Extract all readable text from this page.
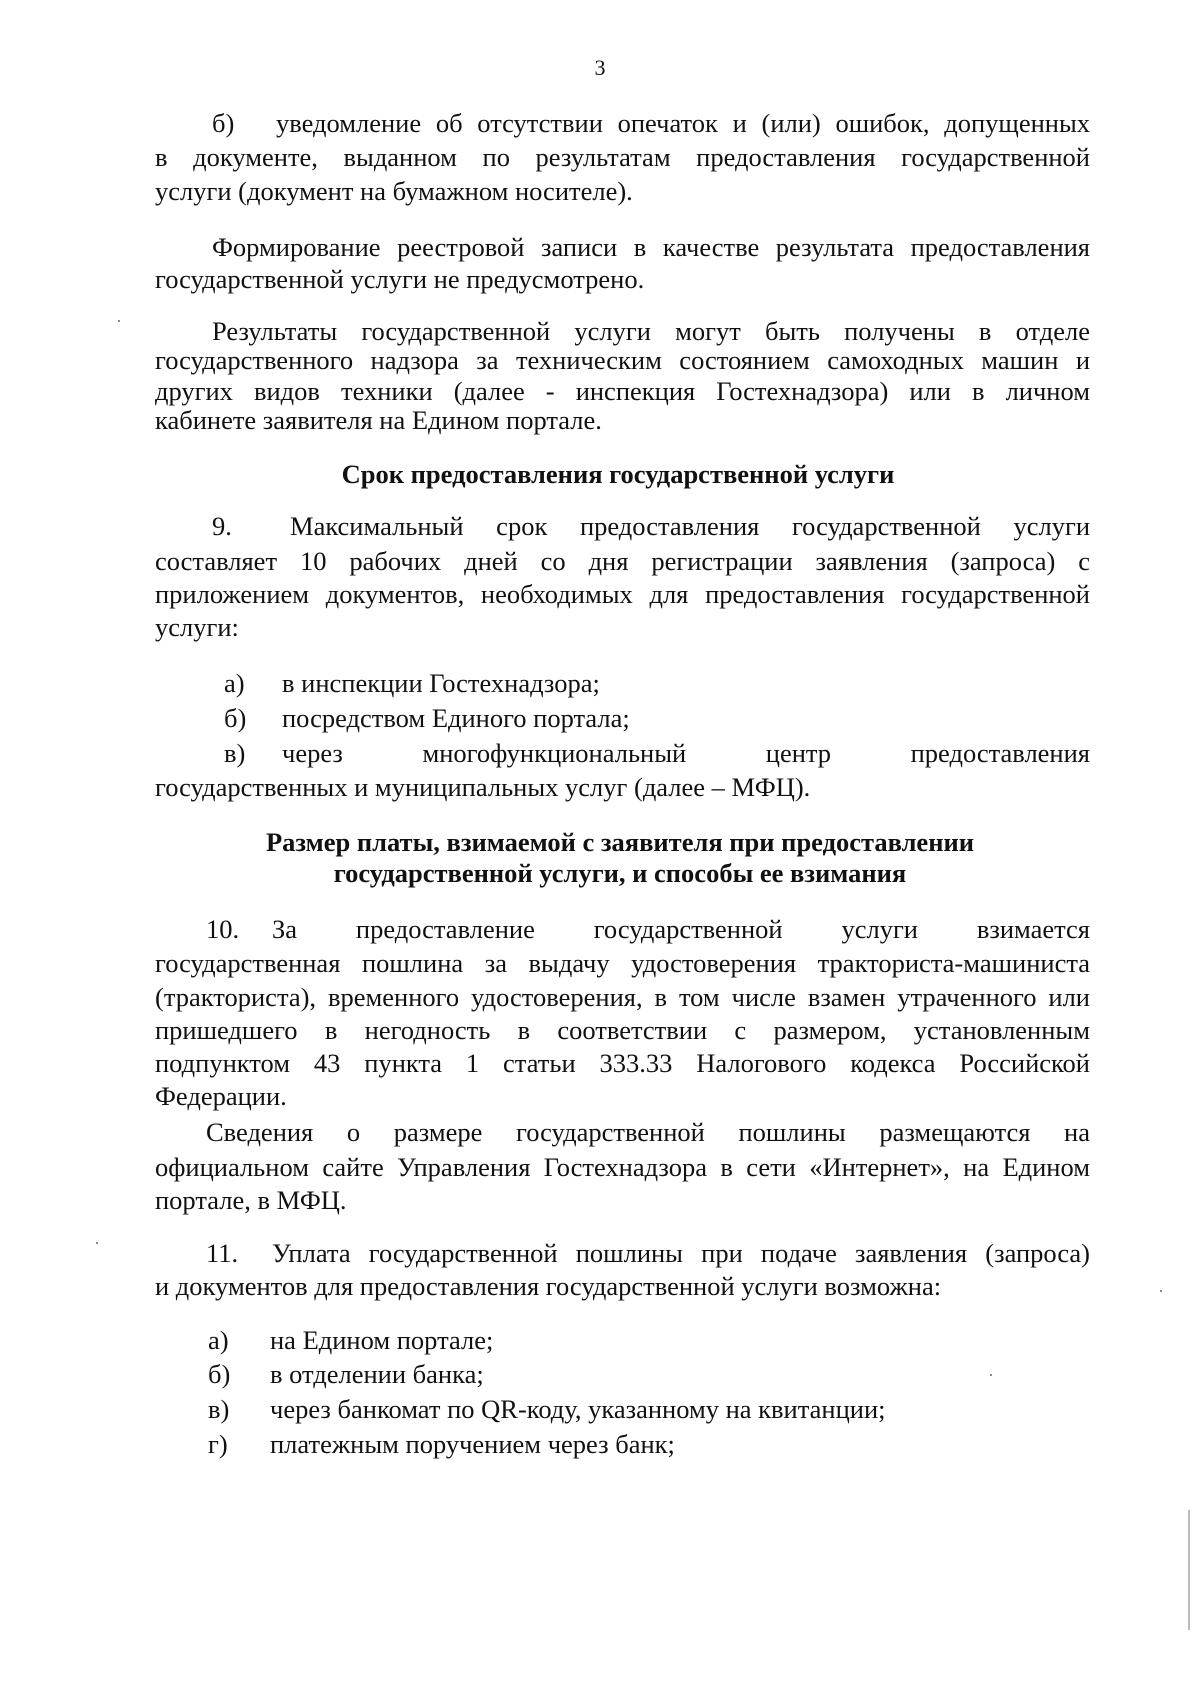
3
б) уведомление об отсутствии опечаток и (или) ошибок, допущенных
в документе, выданном по результатам предоставления государственной
услуги (документ на бумажном носителе).
Формирование реестровой записи в качестве результата предоставления
государственной услуги не предусмотрено.
Результаты государственной услуги могут быть получены в отделе
государственного надзора за техническим состоянием самоходных машин и
других видов техники (далее - инспекция Гостехнадзора) или в личном
кабинете заявителя на Едином портале.
Срок предоставления государственной услуги
9. Максимальный срок предоставления государственной услуги
составляет 10 рабочих дней со дня регистрации заявления (запроса) с
приложением документов, необходимых для предоставления государственной
услуги:
а) в инспекции Гостехнадзора;
б) посредством Единого портала;
в) через многофункциональный центр предоставления
государственных и муниципальных услуг (далее – МФЦ).
Размер платы, взимаемой с заявителя при предоставлении
государственной услуги, и способы ее взимания
10. За предоставление государственной услуги взимается
государственная пошлина за выдачу удостоверения тракториста-машиниста
(тракториста), временного удостоверения, в том числе взамен утраченного или
пришедшего в негодность в соответствии с размером, установленным
подпунктом 43 пункта 1 статьи 333.33 Налогового кодекса Российской
Федерации.
Сведения о размере государственной пошлины размещаются на
официальном сайте Управления Гостехнадзора в сети «Интернет», на Едином
портале, в МФЦ.
11. Уплата государственной пошлины при подаче заявления (запроса)
и документов для предоставления государственной услуги возможна:
а) на Едином портале;
б) в отделении банка;
в) через банкомат по QR-коду, указанному на квитанции;
г) платежным поручением через банк;
